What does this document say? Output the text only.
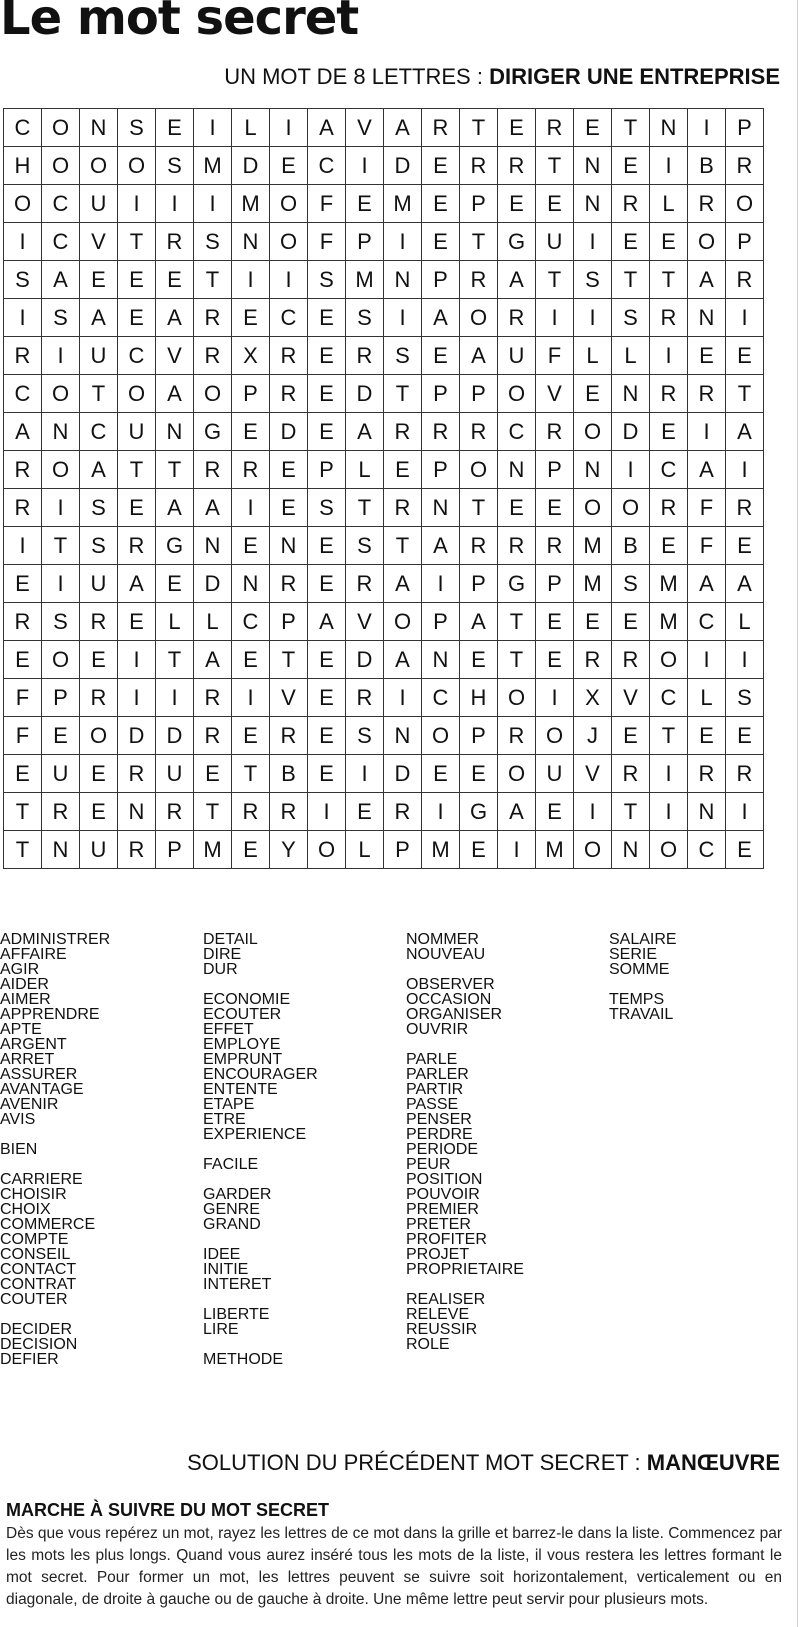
Le mot secret
UN MOT DE 8 LETTRES : DIRIGER UNE ENTREPRISE
C	O	N	S	E	I	L	I	A	V	A	R	T	E	R	E	T	N	I	P
H	O	O	O	S	M	D	E	C	I	D	E	R	R	T	N	E	I	B	R
O	C	U	I	I	I	M	O	F	E	M	E	P	E	E	N	R	L	R	O
I	C	V	T	R	S	N	O	F	P	I	E	T	G	U	I	E	E	O	P
S	A	E	E	E	T	I	I	S	M	N	P	R	A	T	S	T	T	A	R
I	S	A	E	A	R	E	C	E	S	I	A	O	R	I	I	S	R	N	I
R	I	U	C	V	R	X	R	E	R	S	E	A	U	F	L	L	I	E	E
C	O	T	O	A	O	P	R	E	D	T	P	P	O	V	E	N	R	R	T
A	N	C	U	N	G	E	D	E	A	R	R	R	C	R	O	D	E	I	A
R	O	A	T	T	R	R	E	P	L	E	P	O	N	P	N	I	C	A	I
R	I	S	E	A	A	I	E	S	T	R	N	T	E	E	O	O	R	F	R
I	T	S	R	G	N	E	N	E	S	T	A	R	R	R	M	B	E	F	E
E	I	U	A	E	D	N	R	E	R	A	I	P	G	P	M	S	M	A	A
R	S	R	E	L	L	C	P	A	V	O	P	A	T	E	E	E	M	C	L
E	O	E	I	T	A	E	T	E	D	A	N	E	T	E	R	R	O	I	I
F	P	R	I	I	R	I	V	E	R	I	C	H	O	I	X	V	C	L	S
F	E	O	D	D	R	E	R	E	S	N	O	P	R	O	J	E	T	E	E
E	U	E	R	U	E	T	B	E	I	D	E	E	O	U	V	R	I	R	R
T	R	E	N	R	T	R	R	I	E	R	I	G	A	E	I	T	I	N	I
T	N	U	R	P	M	E	Y	O	L	P	M	E	I	M	O	N	O	C	E
ADMINISTRER
AFFAIRE
AGIR
AIDER
AIMER
APPRENDRE
APTE
ARGENT
ARRET
ASSURER
AVANTAGE
AVENIR
AVIS
BIEN
CARRIERE
CHOISIR
CHOIX
COMMERCE
COMPTE
CONSEIL
CONTACT
CONTRAT
COUTER
DECIDER
DECISION
DEFIER
DETAIL
DIRE
DUR
ECONOMIE
ECOUTER
EFFET
EMPLOYE
EMPRUNT
ENCOURAGER
ENTENTE
ETAPE
ETRE
EXPERIENCE
FACILE
GARDER
GENRE
GRAND
IDEE
INITIE
INTERET
LIBERTE
LIRE
METHODE
NOMMER
NOUVEAU
OBSERVER
OCCASION
ORGANISER
OUVRIR
PARLE
PARLER
PARTIR
PASSE
PENSER
PERDRE
PERIODE
PEUR
POSITION
POUVOIR
PREMIER
PRETER
PROFITER
PROJET
PROPRIETAIRE
REALISER
RELEVE
REUSSIR
ROLE
SALAIRE
SERIE
SOMME
TEMPS
TRAVAIL
SOLUTION DU PRÉCÉDENT MOT SECRET : MANŒUVRE
MARCHE À SUIVRE DU MOT SECRET

Dès que vous repérez un mot, rayez les lettres de ce mot dans la grille et barrez-le dans la liste. Commencez par les mots les plus longs. Quand vous aurez inséré tous les mots de la liste, il vous restera les lettres formant le mot secret. Pour former un mot, les lettres peuvent se suivre soit horizontalement, verticalement ou en diagonale, de droite à gauche ou de gauche à droite. Une même lettre peut servir pour plusieurs mots.
